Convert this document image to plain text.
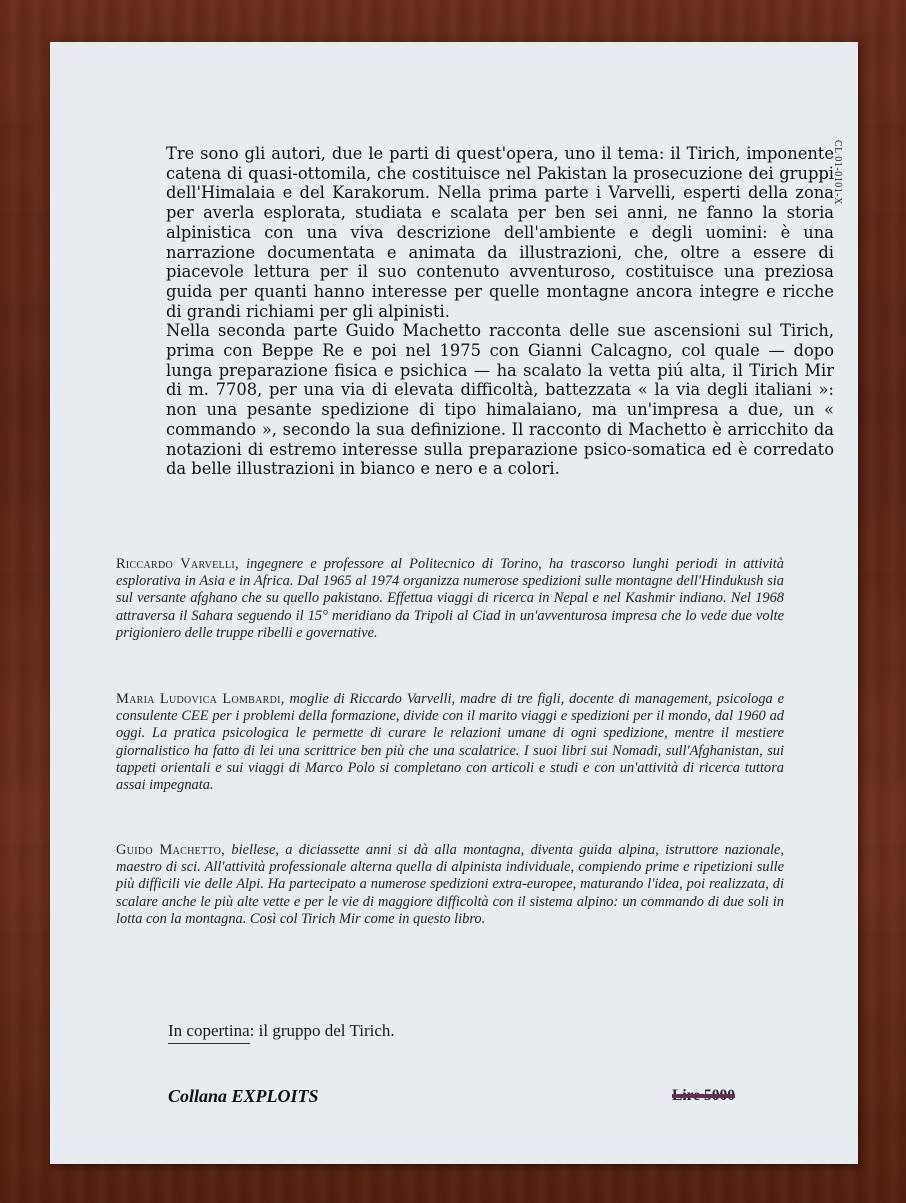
CL 01-0101-X

Tre sono gli autori, due le parti di quest'opera, uno il tema: il Tirich, imponente catena di quasi-ottomila, che costituisce nel Pakistan la prosecuzione dei gruppi dell'Himalaia e del Karakorum. Nella prima parte i Varvelli, esperti della zona per averla esplorata, studiata e scalata per ben sei anni, ne fanno la storia alpinistica con una viva descrizione dell'ambiente e degli uomini: è una narrazione documentata e animata da illustrazioni, che, oltre a essere di piacevole lettura per il suo contenuto avventuroso, costituisce una preziosa guida per quanti hanno interesse per quelle montagne ancora integre e ricche di grandi richiami per gli alpinisti.

Nella seconda parte Guido Machetto racconta delle sue ascensioni sul Tirich, prima con Beppe Re e poi nel 1975 con Gianni Calcagno, col quale — dopo lunga preparazione fisica e psichica — ha scalato la vetta piú alta, il Tirich Mir di m. 7708, per una via di elevata difficoltà, battezzata « la via degli italiani »: non una pesante spedizione di tipo himalaiano, ma un'impresa a due, un « commando », secondo la sua definizione. Il racconto di Machetto è arricchito da notazioni di estremo interesse sulla preparazione psico-somatica ed è corredato da belle illustrazioni in bianco e nero e a colori.

Riccardo Varvelli, ingegnere e professore al Politecnico di Torino, ha trascorso lunghi periodi in attività esplorativa in Asia e in Africa. Dal 1965 al 1974 organizza numerose spedizioni sulle montagne dell'Hindukush sia sul versante afghano che su quello pakistano. Effettua viaggi di ricerca in Nepal e nel Kashmir indiano. Nel 1968 attraversa il Sahara seguendo il 15° meridiano da Tripoli al Ciad in un'avventurosa impresa che lo vede due volte prigioniero delle truppe ribelli e governative.

Maria Ludovica Lombardi, moglie di Riccardo Varvelli, madre di tre figli, docente di management, psicologa e consulente CEE per i problemi della formazione, divide con il marito viaggi e spedizioni per il mondo, dal 1960 ad oggi. La pratica psicologica le permette di curare le relazioni umane di ogni spedizione, mentre il mestiere giornalistico ha fatto di lei una scrittrice ben più che una scalatrice. I suoi libri sui Nomadi, sull'Afghanistan, sui tappeti orientali e sui viaggi di Marco Polo si completano con articoli e studi e con un'attività di ricerca tuttora assai impegnata.

Guido Machetto, biellese, a diciassette anni si dà alla montagna, diventa guida alpina, istruttore nazionale, maestro di sci. All'attività professionale alterna quella di alpinista individuale, compiendo prime e ripetizioni sulle più difficili vie delle Alpi. Ha partecipato a numerose spedizioni extra-europee, maturando l'idea, poi realizzata, di scalare anche le più alte vette e per le vie di maggiore difficoltà con il sistema alpino: un commando di due soli in lotta con la montagna. Così col Tirich Mir come in questo libro.

In copertina: il gruppo del Tirich.
Collana EXPLOITS	Lire 5000
